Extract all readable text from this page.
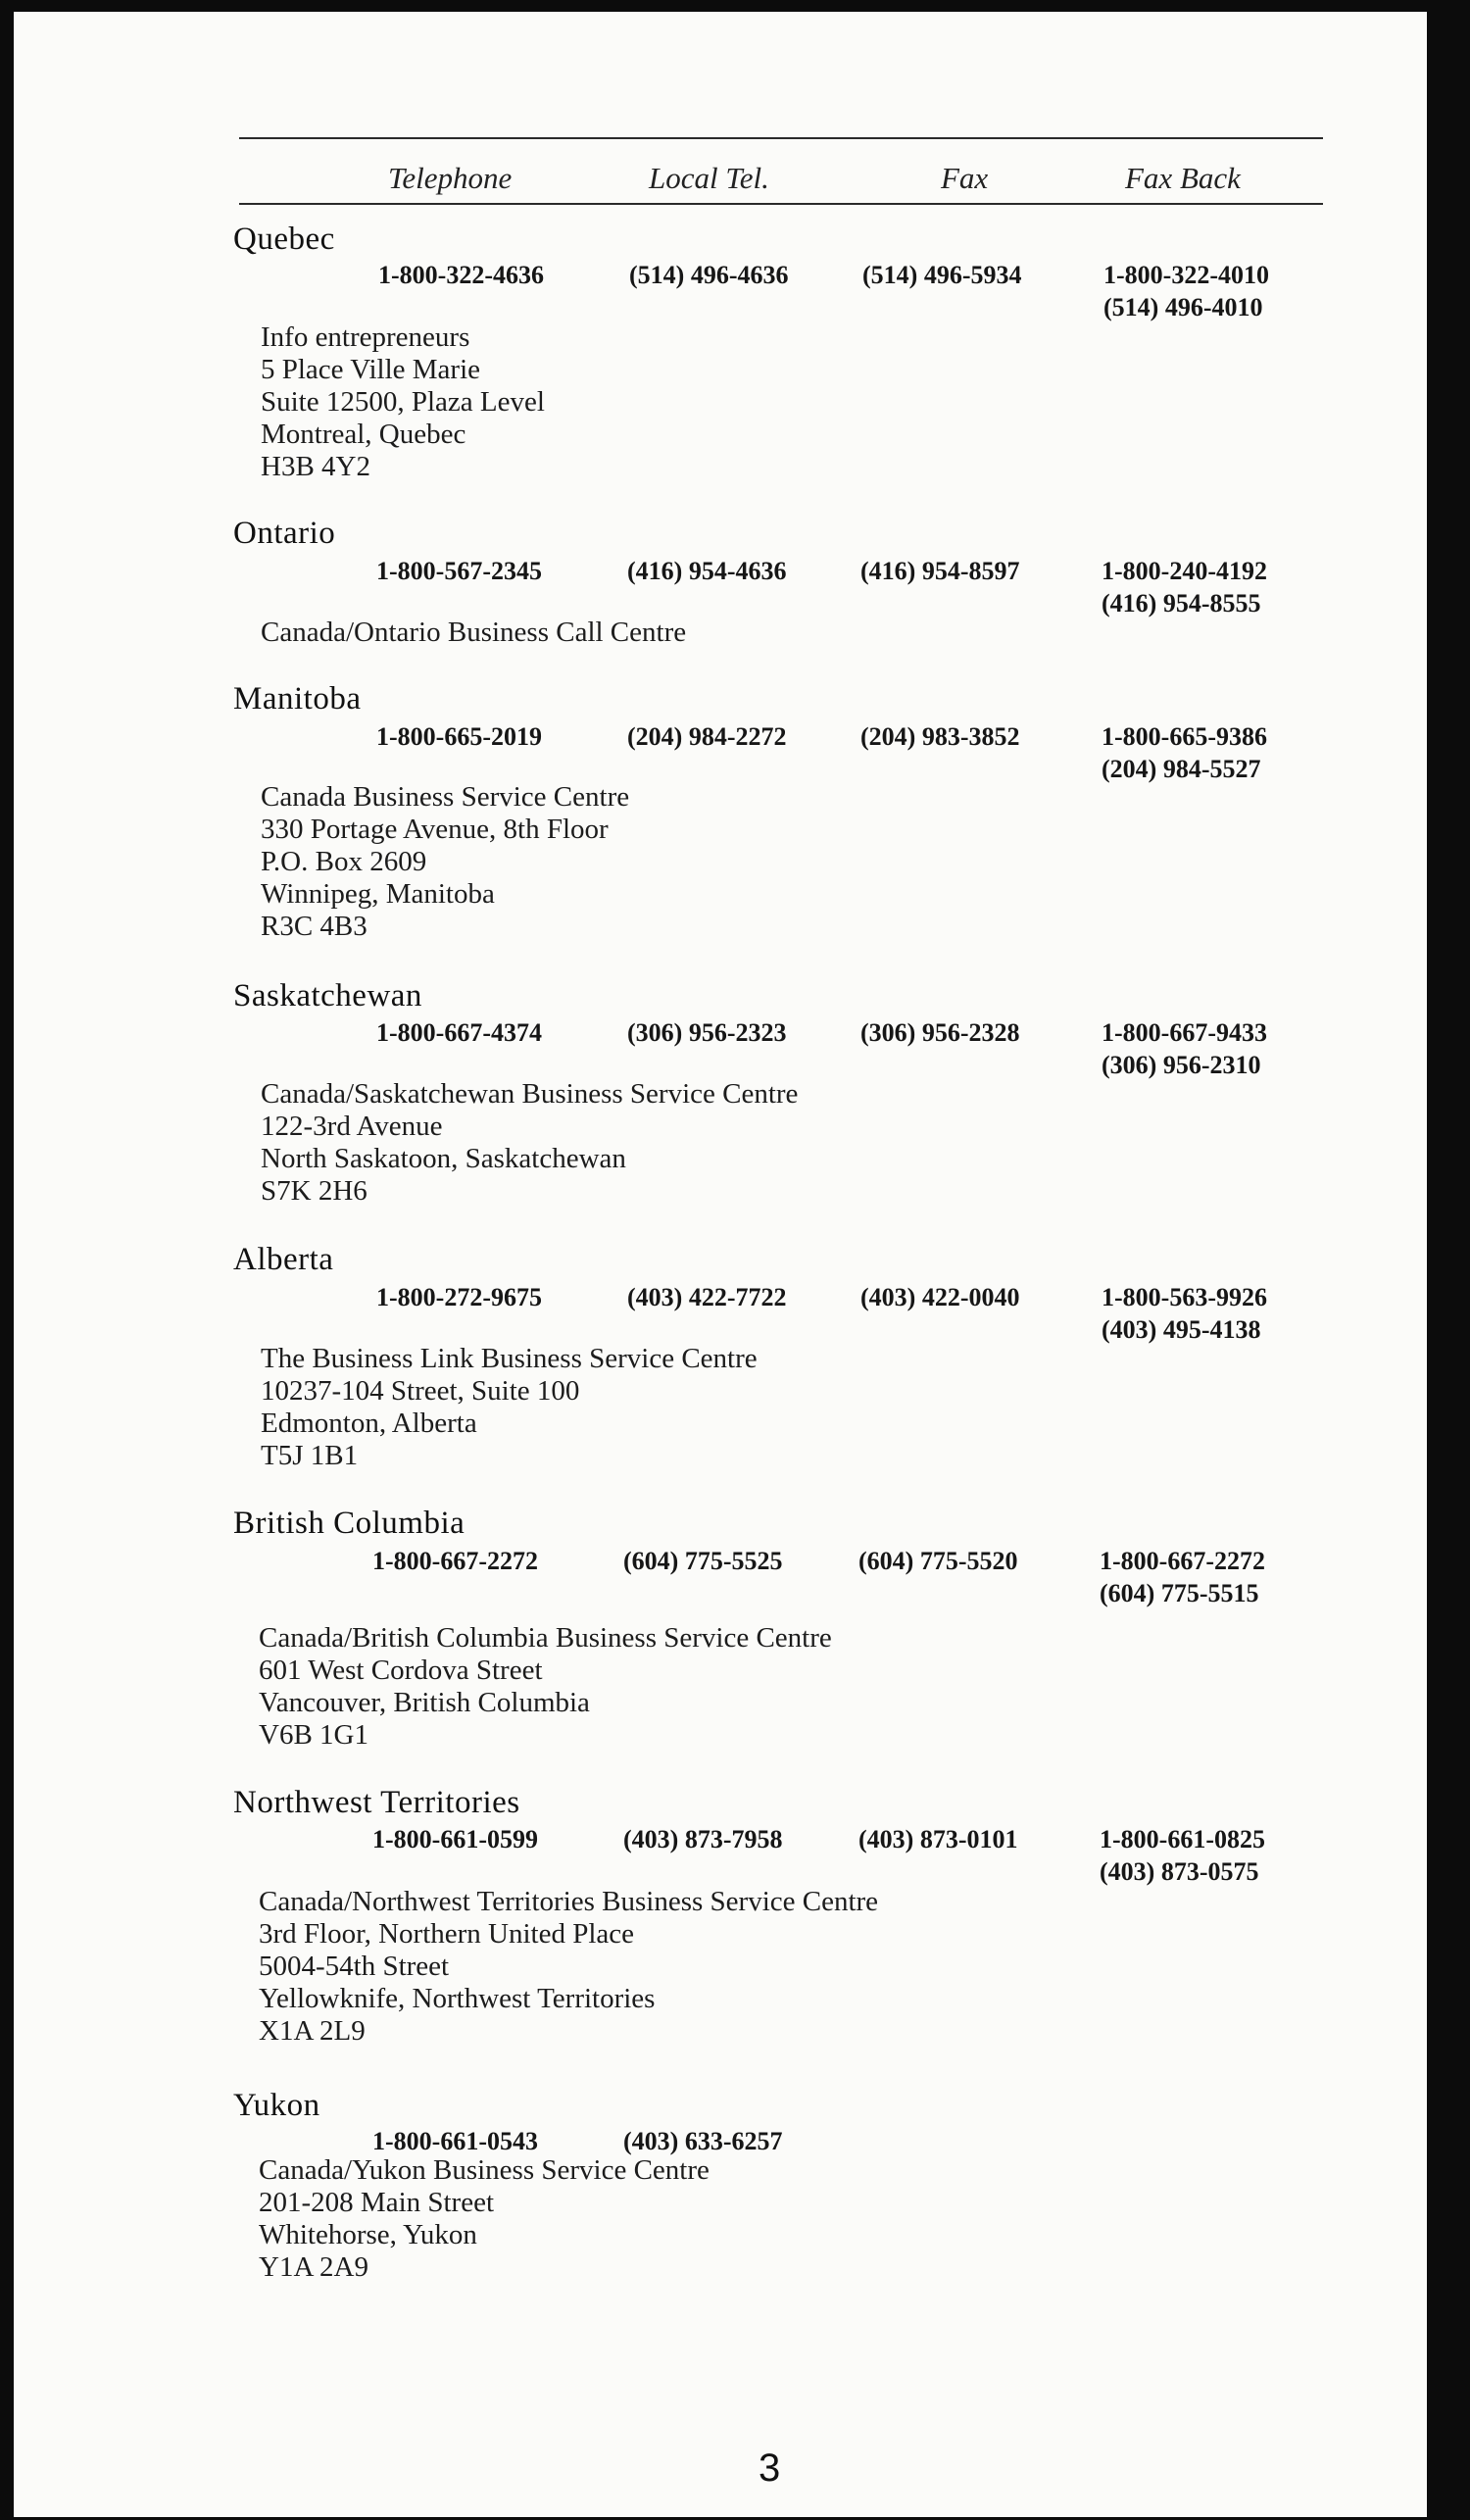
Telephone	Local Tel.	Fax	Fax Back
Quebec
1-800-322-4636	(514) 496-4636	(514) 496-5934	1-800-322-4010
(514) 496-4010
Info entrepreneurs
5 Place Ville Marie
Suite 12500, Plaza Level
Montreal, Quebec
H3B 4Y2
Ontario
1-800-567-2345	(416) 954-4636	(416) 954-8597	1-800-240-4192
(416) 954-8555
Canada/Ontario Business Call Centre
Manitoba
1-800-665-2019	(204) 984-2272	(204) 983-3852	1-800-665-9386
(204) 984-5527
Canada Business Service Centre
330 Portage Avenue, 8th Floor
P.O. Box 2609
Winnipeg, Manitoba
R3C 4B3
Saskatchewan
1-800-667-4374	(306) 956-2323	(306) 956-2328	1-800-667-9433
(306) 956-2310
Canada/Saskatchewan Business Service Centre
122-3rd Avenue
North Saskatoon, Saskatchewan
S7K 2H6
Alberta
1-800-272-9675	(403) 422-7722	(403) 422-0040	1-800-563-9926
(403) 495-4138
The Business Link Business Service Centre
10237-104 Street, Suite 100
Edmonton, Alberta
T5J 1B1
British Columbia
1-800-667-2272	(604) 775-5525	(604) 775-5520	1-800-667-2272
(604) 775-5515
Canada/British Columbia Business Service Centre
601 West Cordova Street
Vancouver, British Columbia
V6B 1G1
Northwest Territories
1-800-661-0599	(403) 873-7958	(403) 873-0101	1-800-661-0825
(403) 873-0575
Canada/Northwest Territories Business Service Centre
3rd Floor, Northern United Place
5004-54th Street
Yellowknife, Northwest Territories
X1A 2L9
Yukon
1-800-661-0543	(403) 633-6257
Canada/Yukon Business Service Centre
201-208 Main Street
Whitehorse, Yukon
Y1A 2A9
3
